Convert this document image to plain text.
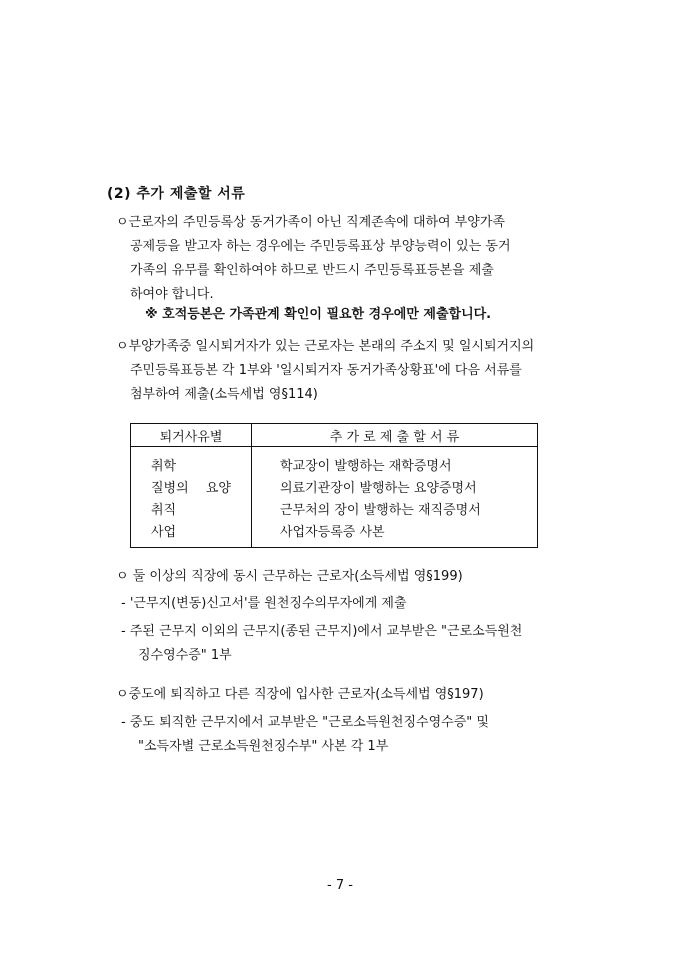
(2) 추가 제출할 서류
ㅇ근로자의 주민등록상 동거가족이 아닌 직계존속에 대하여 부양가족
공제등을 받고자 하는 경우에는 주민등록표상 부양능력이 있는 동거
가족의 유무를 확인하여야 하므로 반드시 주민등록표등본을 제출
하여야 합니다.
※ 호적등본은 가족관계 확인이 필요한 경우에만 제출합니다.
ㅇ부양가족중 일시퇴거자가 있는 근로자는 본래의 주소지 및 일시퇴거지의
주민등록표등본 각 1부와 '일시퇴거자 동거가족상황표'에 다음 서류를
첨부하여 제출(소득세법 영§114)
퇴거사유별	추 가 로 제 출 할 서 류
취학	학교장이 발행하는 재학증명서
질병의 요양	의료기관장이 발행하는 요양증명서
취직	근무처의 장이 발행하는 재직증명서
사업	사업자등록증 사본
ㅇ 둘 이상의 직장에 동시 근무하는 근로자(소득세법 영§199)
- '근무지(변동)신고서'를 원천징수의무자에게 제출
- 주된 근무지 이외의 근무지(종된 근무지)에서 교부받은 "근로소득원천
징수영수증" 1부
ㅇ중도에 퇴직하고 다른 직장에 입사한 근로자(소득세법 영§197)
- 중도 퇴직한 근무지에서 교부받은 "근로소득원천징수영수증" 및
"소득자별 근로소득원천징수부" 사본 각 1부
- 7 -
